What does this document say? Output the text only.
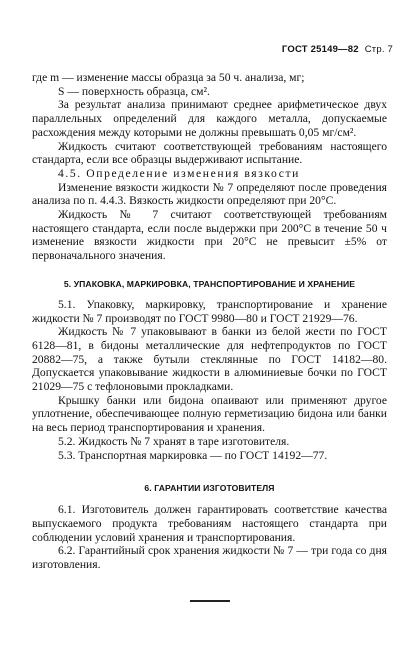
ГОСТ 25149—82 Стр. 7

где m — изменение массы образца за 50 ч. анализа, мг;

S — поверхность образца, см².

За результат анализа принимают среднее арифметическое двух параллельных определений для каждого металла, допускаемые расхождения между которыми не должны превышать 0,05 мг/см².

Жидкость считают соответствующей требованиям настоящего стандарта, если все образцы выдерживают испытание.

4.5. Определение изменения вязкости

Изменение вязкости жидкости № 7 определяют после проведения анализа по п. 4.4.3. Вязкость жидкости определяют при 20°С.

Жидкость № 7 считают соответствующей требованиям настоящего стандарта, если после выдержки при 200°С в течение 50 ч изменение вязкости жидкости при 20°С не превысит ±5% от первоначального значения.

5. УПАКОВКА, МАРКИРОВКА, ТРАНСПОРТИРОВАНИЕ И ХРАНЕНИЕ

5.1. Упаковку, маркировку, транспортирование и хранение жидкости № 7 производят по ГОСТ 9980—80 и ГОСТ 21929—76.

Жидкость № 7 упаковывают в банки из белой жести по ГОСТ 6128—81, в бидоны металлические для нефтепродуктов по ГОСТ 20882—75, а также бутыли стеклянные по ГОСТ 14182—80. Допускается упаковывание жидкости в алюминиевые бочки по ГОСТ 21029—75 с тефлоновыми прокладками.

Крышку банки или бидона опаивают или применяют другое уплотнение, обеспечивающее полную герметизацию бидона или банки на весь период транспортирования и хранения.

5.2. Жидкость № 7 хранят в таре изготовителя.

5.3. Транспортная маркировка — по ГОСТ 14192—77.

6. ГАРАНТИИ ИЗГОТОВИТЕЛЯ

6.1. Изготовитель должен гарантировать соответствие качества выпускаемого продукта требованиям настоящего стандарта при соблюдении условий хранения и транспортирования.

6.2. Гарантийный срок хранения жидкости № 7 — три года со дня изготовления.
